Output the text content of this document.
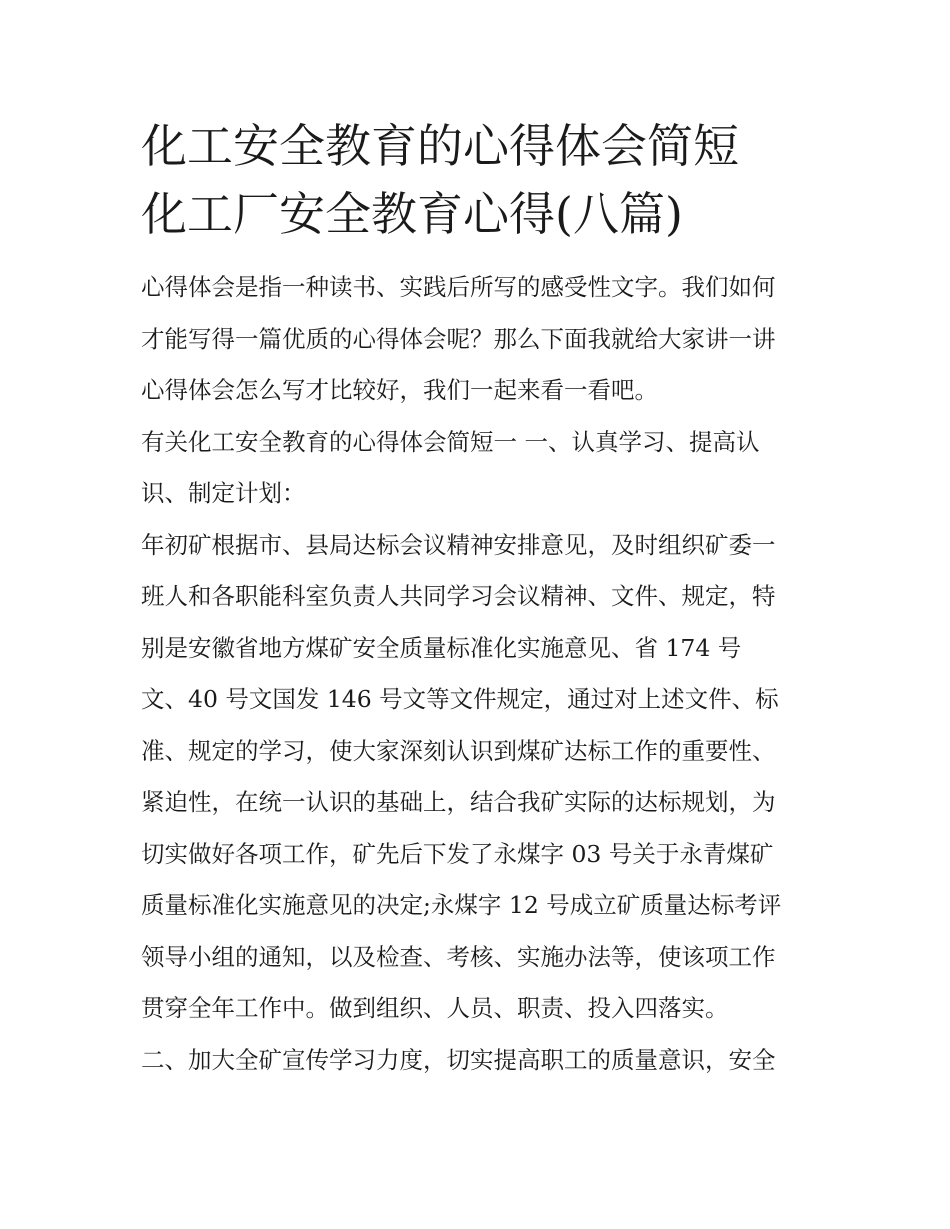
化工安全教育的心得体会简短
化工厂安全教育心得(八篇)
心得体会是指一种读书、实践后所写的感受性文字。我们如何
才能写得一篇优质的心得体会呢？那么下面我就给大家讲一讲
心得体会怎么写才比较好，我们一起来看一看吧。
有关化工安全教育的心得体会简短一 一、认真学习、提高认
识、制定计划：
年初矿根据市、县局达标会议精神安排意见，及时组织矿委一
班人和各职能科室负责人共同学习会议精神、文件、规定，特
别是安徽省地方煤矿安全质量标准化实施意见、省 174 号
文、40 号文国发 146 号文等文件规定，通过对上述文件、标
准、规定的学习，使大家深刻认识到煤矿达标工作的重要性、
紧迫性，在统一认识的基础上，结合我矿实际的达标规划，为
切实做好各项工作，矿先后下发了永煤字 03 号关于永青煤矿
质量标准化实施意见的决定;永煤字 12 号成立矿质量达标考评
领导小组的通知，以及检查、考核、实施办法等，使该项工作
贯穿全年工作中。做到组织、人员、职责、投入四落实。
二、加大全矿宣传学习力度，切实提高职工的质量意识，安全
